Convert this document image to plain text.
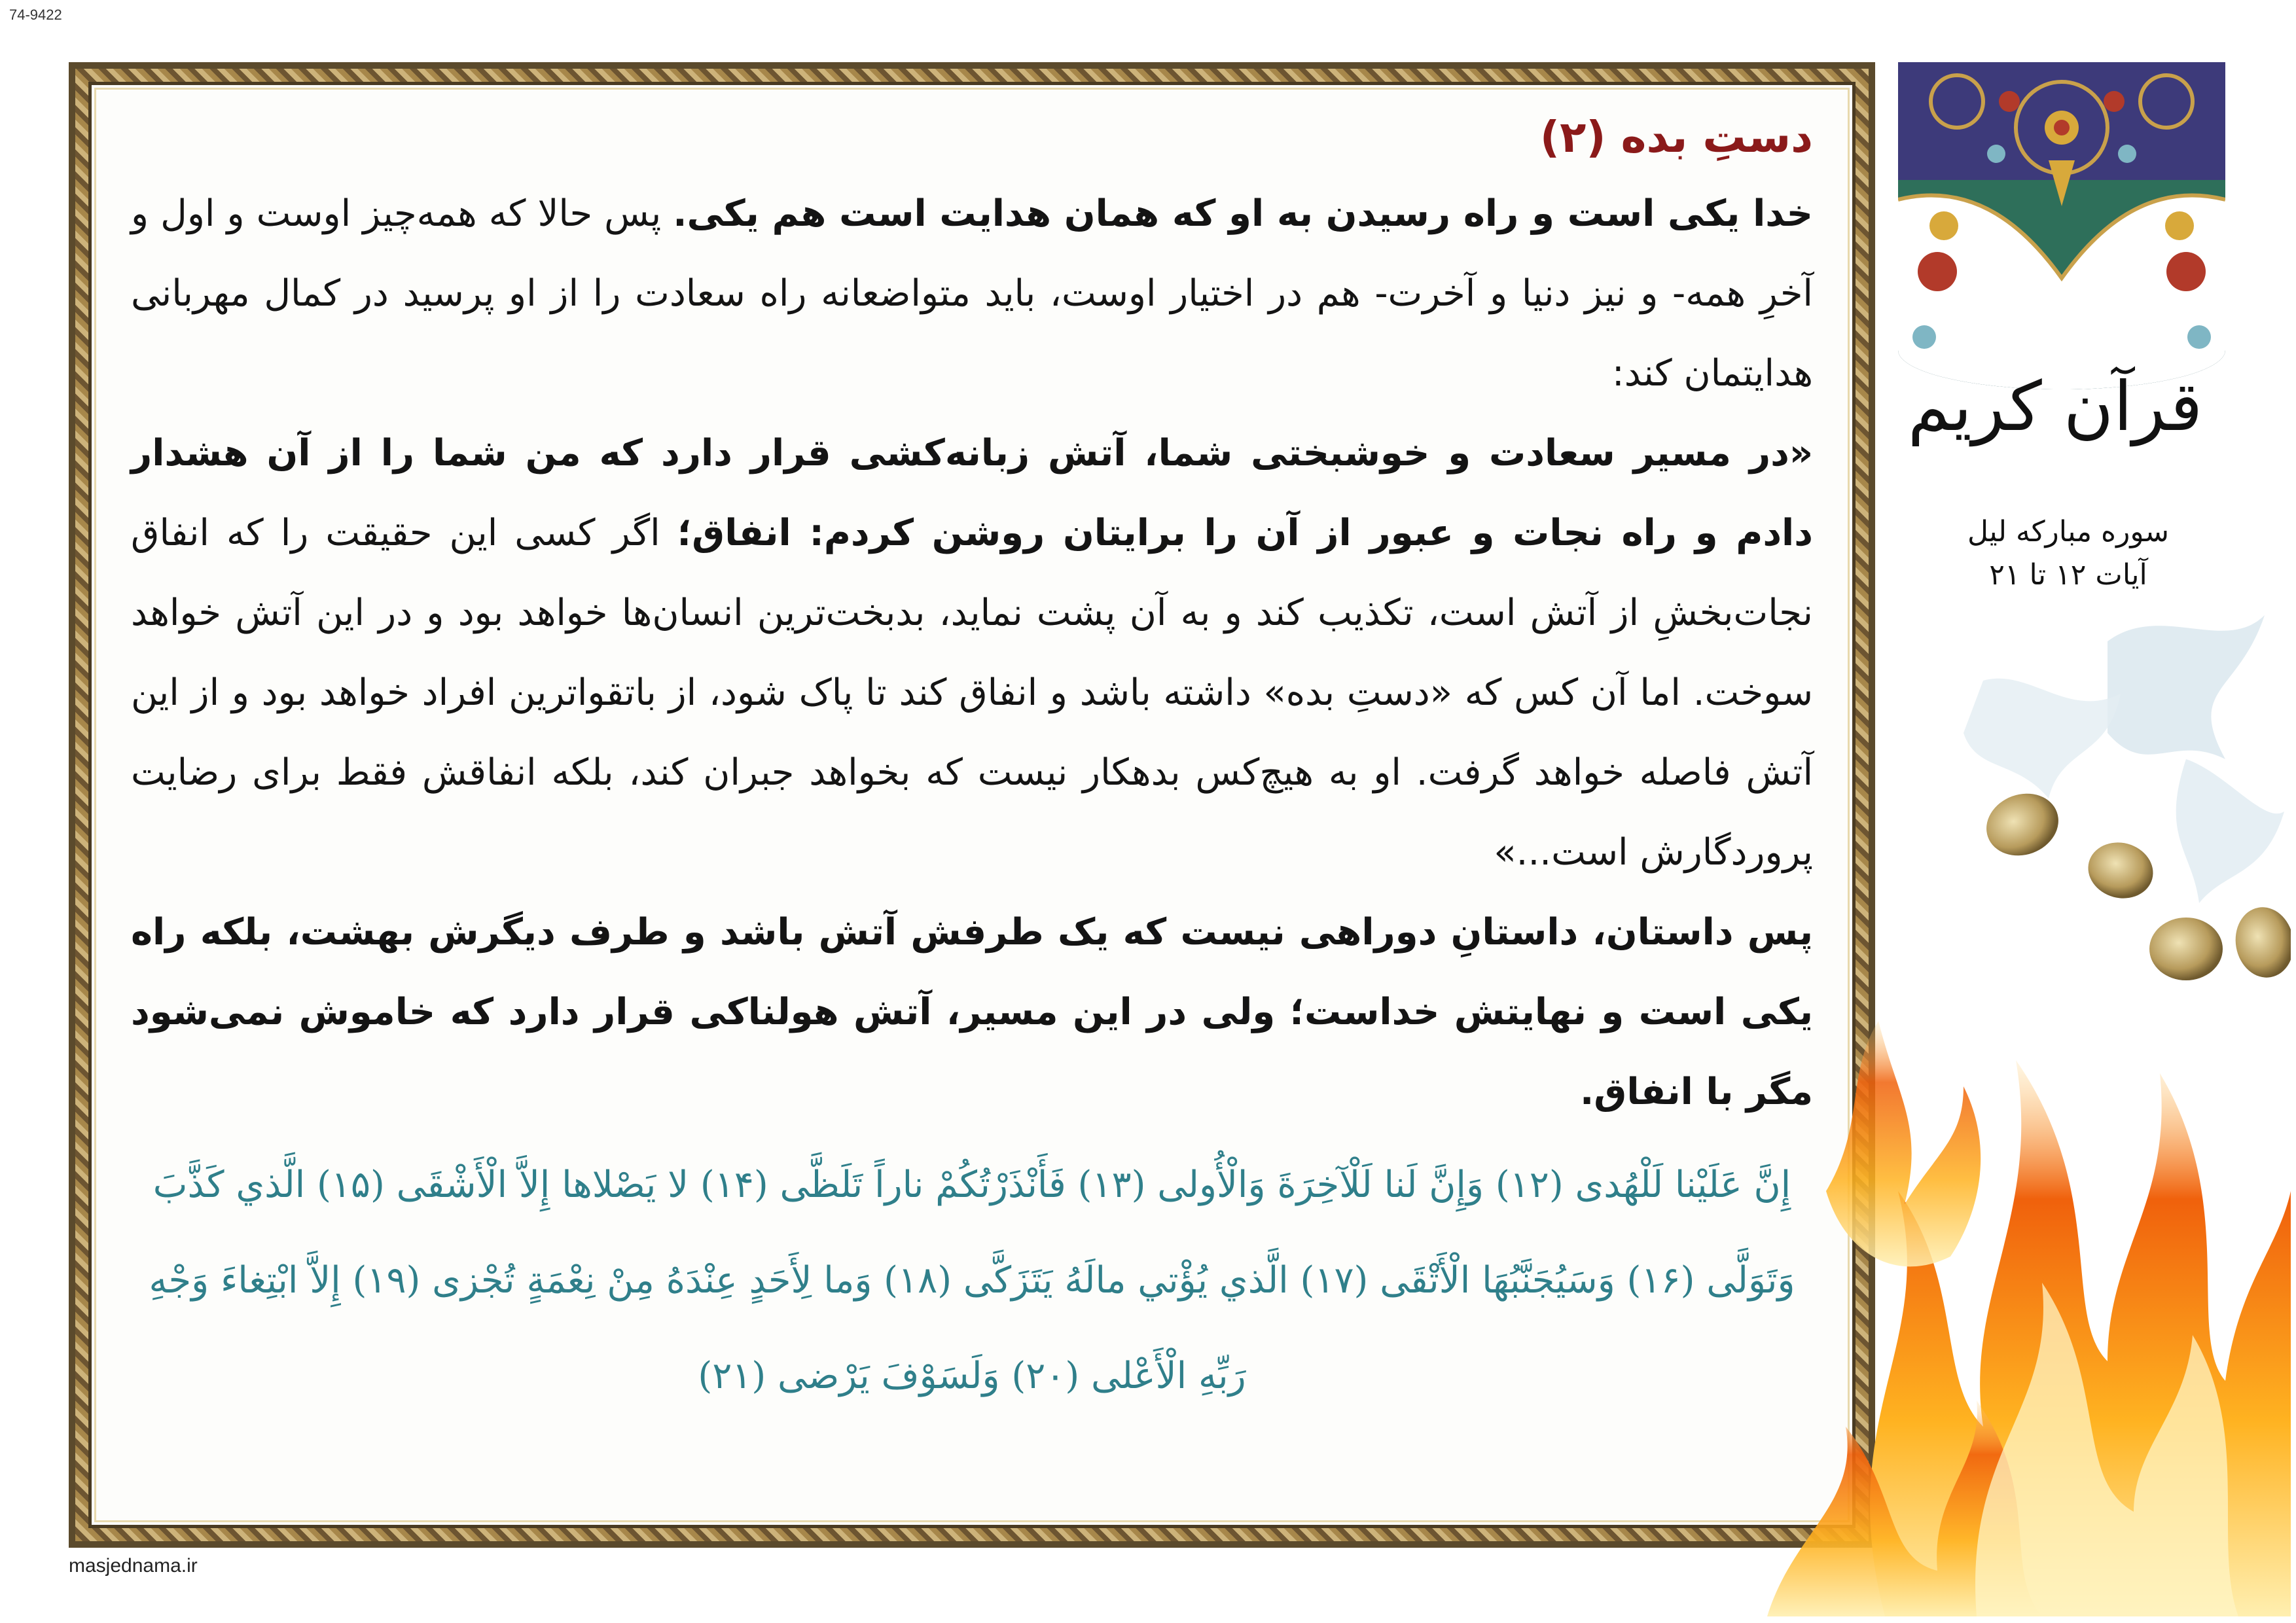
74-9422
دستِ بده (۲)

خدا یکی است و راه رسیدن به او که همان هدایت است هم یکی. پس حالا که همه‌چیز اوست و اول و آخرِ همه- و نیز دنیا و آخرت- هم در اختیار اوست، باید متواضعانه راه سعادت را از او پرسید در کمال مهربانی هدایتمان کند:

«در مسیر سعادت و خوشبختی شما، آتش زبانه‌کشی قرار دارد که من شما را از آن هشدار دادم و راه نجات و عبور از آن را برایتان روشن کردم: انفاق؛ اگر کسی این حقیقت را که انفاق نجات‌بخشِ از آتش است، تکذیب کند و به آن پشت نماید، بدبخت‌ترین انسان‌ها خواهد بود و در این آتش خواهد سوخت. اما آن کس که «دستِ بده» داشته باشد و انفاق کند تا پاک شود، از باتقواترین افراد خواهد بود و از این آتش فاصله خواهد گرفت. او به هیچ‌کس بدهکار نیست که بخواهد جبران کند، بلکه انفاقش فقط برای رضایت پروردگارش است...»

پس داستان، داستانِ دوراهی نیست که یک طرفش آتش باشد و طرف دیگرش بهشت، بلکه راه یکی است و نهایتش خداست؛ ولی در این مسیر، آتش هولناکی قرار دارد که خاموش نمی‌شود مگر با انفاق.

إِنَّ عَلَيْنا لَلْهُدى (۱۲) وَإِنَّ لَنا لَلْآخِرَةَ وَالْأُولى (۱۳) فَأَنْذَرْتُكُمْ ناراً تَلَظَّى (۱۴) لا يَصْلاها إِلاَّ الْأَشْقَى (۱۵) الَّذي كَذَّبَ وَتَوَلَّى (۱۶) وَسَيُجَنَّبُهَا الْأَتْقَى (۱۷) الَّذي يُؤْتي مالَهُ يَتَزَكَّى (۱۸) وَما لِأَحَدٍ عِنْدَهُ مِنْ نِعْمَةٍ تُجْزى (۱۹) إِلاَّ ابْتِغاءَ وَجْهِ رَبِّهِ الْأَعْلى (۲۰) وَلَسَوْفَ يَرْضى (۲۱)
masjednama.ir
قرآن کریم
سوره مبارکه لیل
آیات ۱۲ تا ۲۱
